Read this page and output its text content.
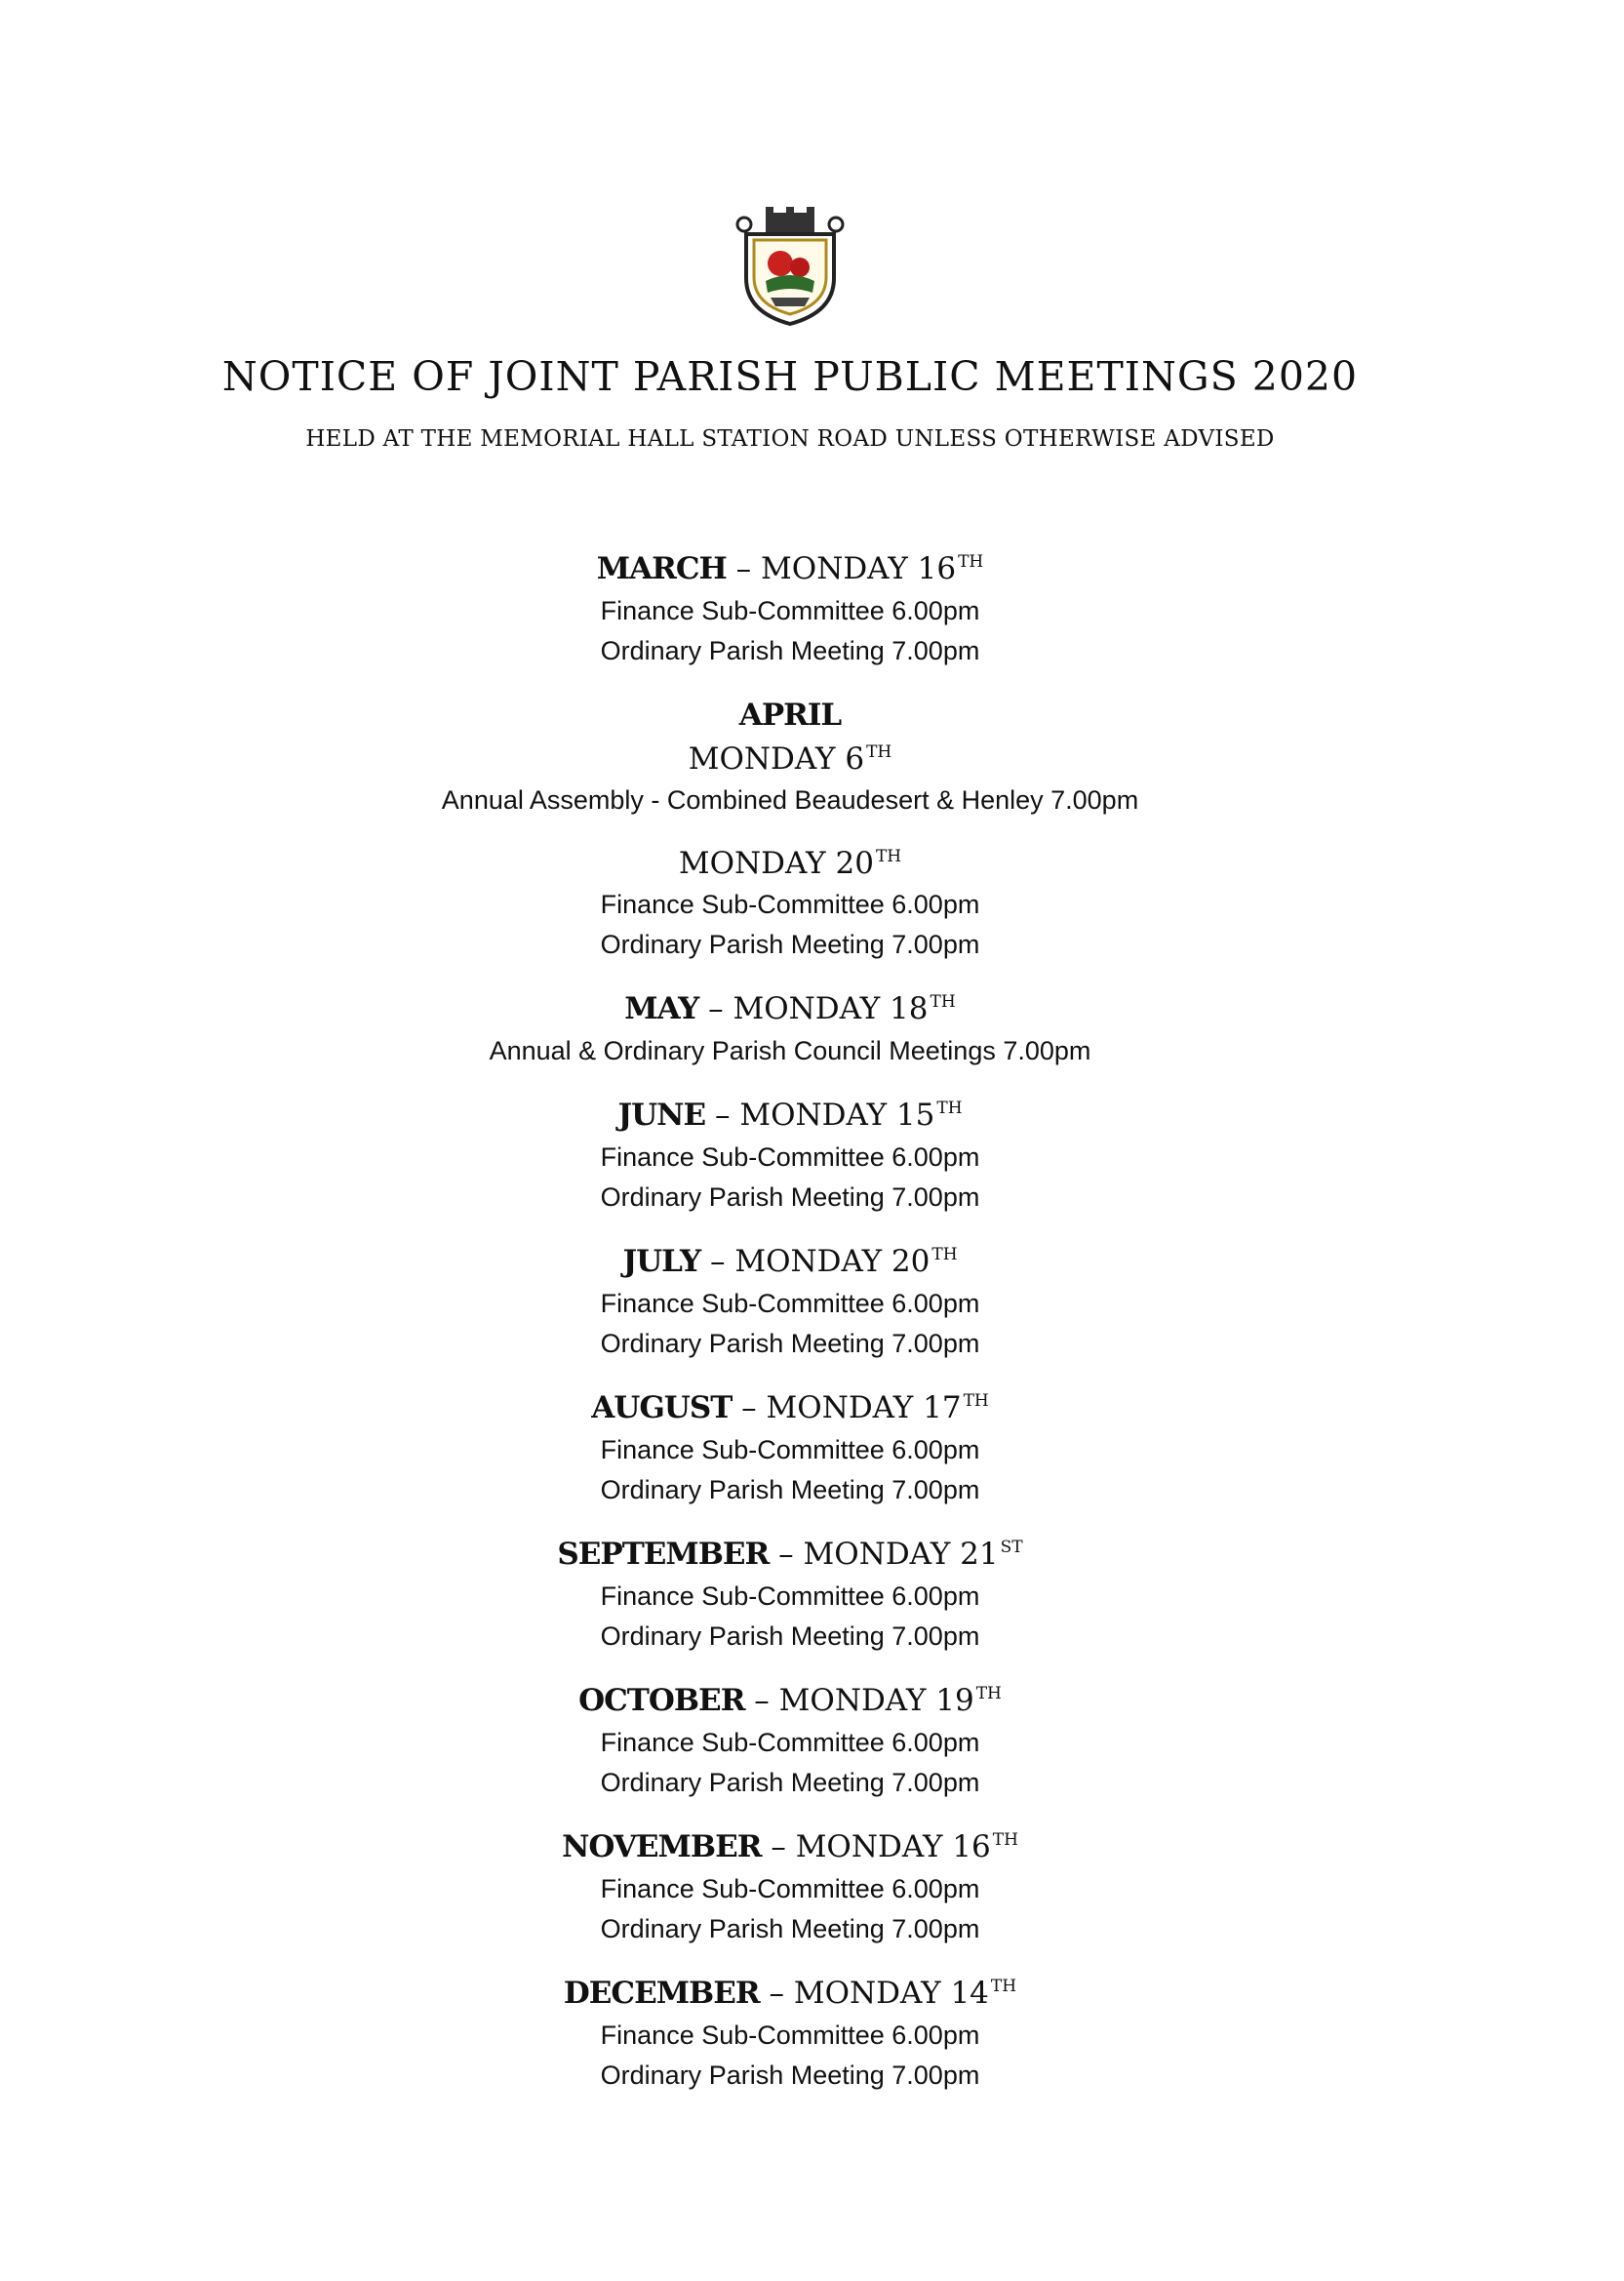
NOTICE OF JOINT PARISH PUBLIC MEETINGS 2020
HELD AT THE MEMORIAL HALL STATION ROAD UNLESS OTHERWISE ADVISED
MARCH – MONDAY 16 $^{TH}$
Finance Sub-Committee 6.00pm
Ordinary Parish Meeting 7.00pm
APRIL
MONDAY 6 $^{TH}$
Annual Assembly - Combined Beaudesert & Henley 7.00pm
MONDAY 20 $^{TH}$
Finance Sub-Committee 6.00pm
Ordinary Parish Meeting 7.00pm
MAY – MONDAY 18 $^{TH}$
Annual & Ordinary Parish Council Meetings 7.00pm
JUNE – MONDAY 15 $^{TH}$
Finance Sub-Committee 6.00pm
Ordinary Parish Meeting 7.00pm
JULY – MONDAY 20 $^{TH}$
Finance Sub-Committee 6.00pm
Ordinary Parish Meeting 7.00pm
AUGUST – MONDAY 17 $^{TH}$
Finance Sub-Committee 6.00pm
Ordinary Parish Meeting 7.00pm
SEPTEMBER – MONDAY 21 $^{ST}$
Finance Sub-Committee 6.00pm
Ordinary Parish Meeting 7.00pm
OCTOBER – MONDAY 19 $^{TH}$
Finance Sub-Committee 6.00pm
Ordinary Parish Meeting 7.00pm
NOVEMBER – MONDAY 16 $^{TH}$
Finance Sub-Committee 6.00pm
Ordinary Parish Meeting 7.00pm
DECEMBER – MONDAY 14 $^{TH}$
Finance Sub-Committee 6.00pm
Ordinary Parish Meeting 7.00pm
